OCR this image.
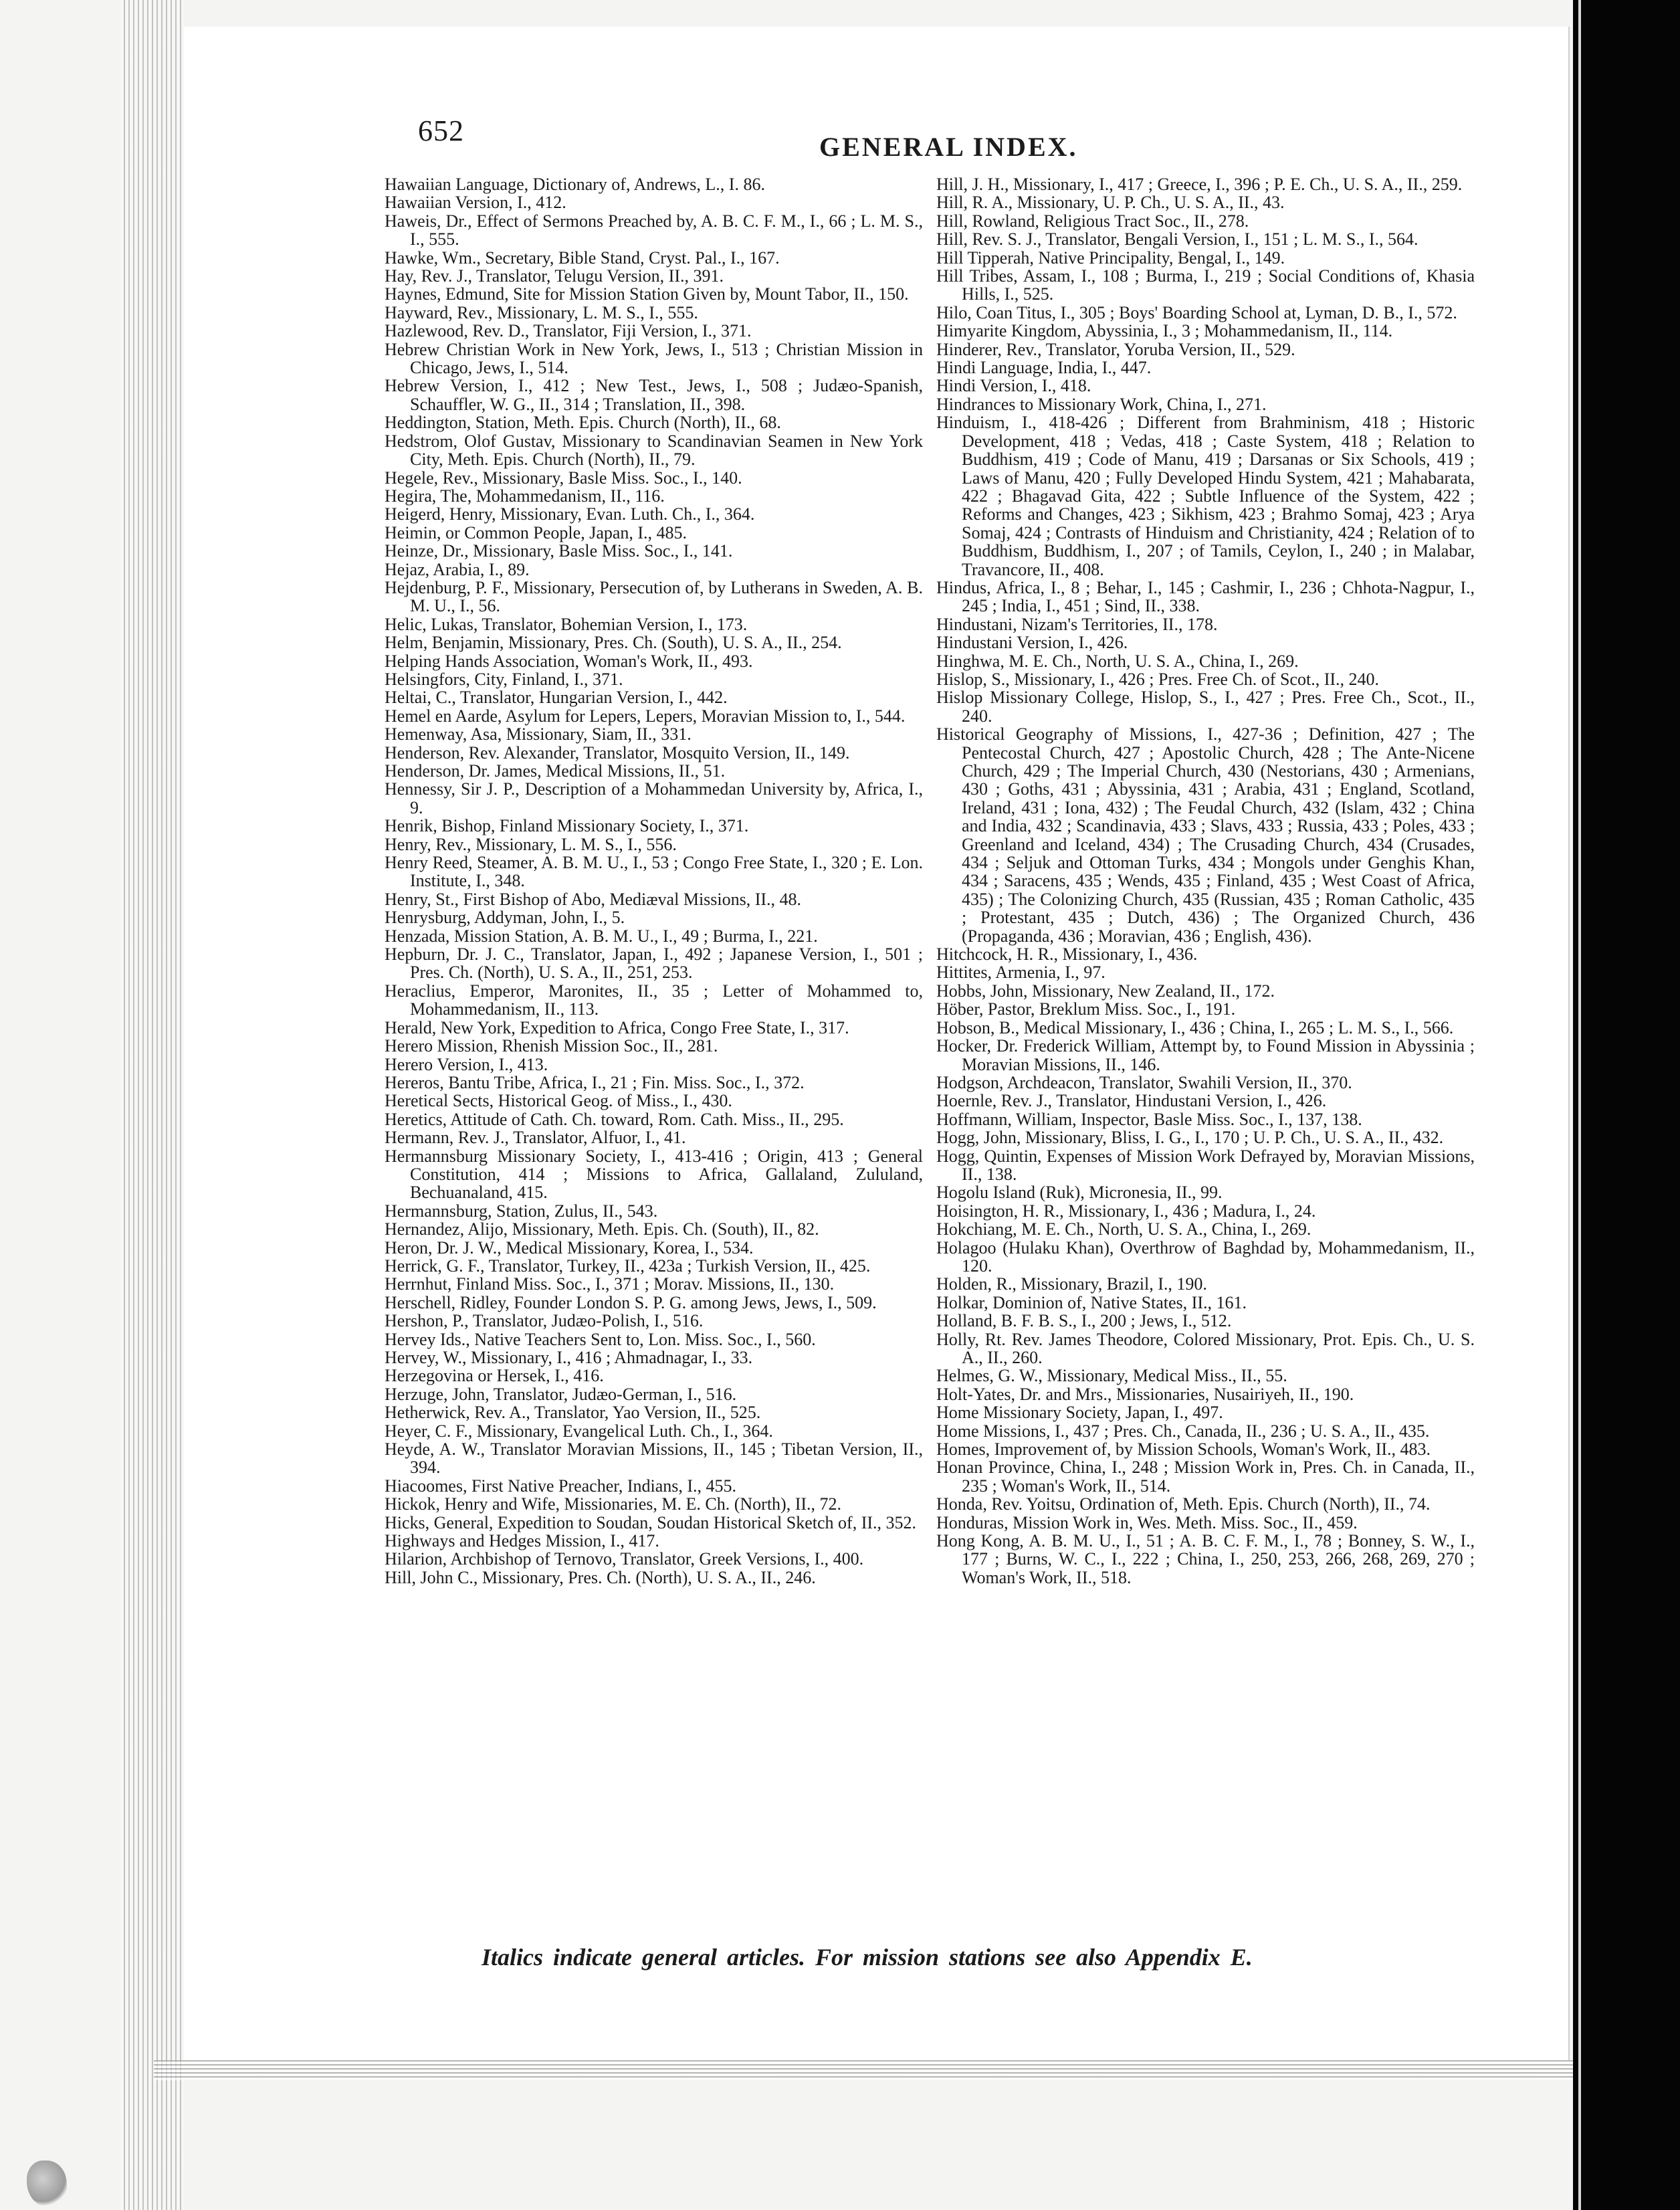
652	GENERAL INDEX.

Hawaiian Language, Dictionary of, Andrews, L., I. 86.

Hawaiian Version, I., 412.

Haweis, Dr., Effect of Sermons Preached by, A. B. C. F. M., I., 66 ; L. M. S., I., 555.

Hawke, Wm., Secretary, Bible Stand, Cryst. Pal., I., 167.

Hay, Rev. J., Translator, Telugu Version, II., 391.

Haynes, Edmund, Site for Mission Station Given by, Mount Tabor, II., 150.

Hayward, Rev., Missionary, L. M. S., I., 555.

Hazlewood, Rev. D., Translator, Fiji Version, I., 371.

Hebrew Christian Work in New York, Jews, I., 513 ; Christian Mission in Chicago, Jews, I., 514.

Hebrew Version, I., 412 ; New Test., Jews, I., 508 ; Judæo-Spanish, Schauffler, W. G., II., 314 ; Translation, II., 398.

Heddington, Station, Meth. Epis. Church (North), II., 68.

Hedstrom, Olof Gustav, Missionary to Scandinavian Seamen in New York City, Meth. Epis. Church (North), II., 79.

Hegele, Rev., Missionary, Basle Miss. Soc., I., 140.

Hegira, The, Mohammedanism, II., 116.

Heigerd, Henry, Missionary, Evan. Luth. Ch., I., 364.

Heimin, or Common People, Japan, I., 485.

Heinze, Dr., Missionary, Basle Miss. Soc., I., 141.

Hejaz, Arabia, I., 89.

Hejdenburg, P. F., Missionary, Persecution of, by Lutherans in Sweden, A. B. M. U., I., 56.

Helic, Lukas, Translator, Bohemian Version, I., 173.

Helm, Benjamin, Missionary, Pres. Ch. (South), U. S. A., II., 254.

Helping Hands Association, Woman's Work, II., 493.

Helsingfors, City, Finland, I., 371.

Heltai, C., Translator, Hungarian Version, I., 442.

Hemel en Aarde, Asylum for Lepers, Lepers, Moravian Mission to, I., 544.

Hemenway, Asa, Missionary, Siam, II., 331.

Henderson, Rev. Alexander, Translator, Mosquito Version, II., 149.

Henderson, Dr. James, Medical Missions, II., 51.

Hennessy, Sir J. P., Description of a Mohammedan University by, Africa, I., 9.

Henrik, Bishop, Finland Missionary Society, I., 371.

Henry, Rev., Missionary, L. M. S., I., 556.

Henry Reed, Steamer, A. B. M. U., I., 53 ; Congo Free State, I., 320 ; E. Lon. Institute, I., 348.

Henry, St., First Bishop of Abo, Mediæval Missions, II., 48.

Henrysburg, Addyman, John, I., 5.

Henzada, Mission Station, A. B. M. U., I., 49 ; Burma, I., 221.

Hepburn, Dr. J. C., Translator, Japan, I., 492 ; Japanese Version, I., 501 ; Pres. Ch. (North), U. S. A., II., 251, 253.

Heraclius, Emperor, Maronites, II., 35 ; Letter of Mohammed to, Mohammedanism, II., 113.

Herald, New York, Expedition to Africa, Congo Free State, I., 317.

Herero Mission, Rhenish Mission Soc., II., 281.

Herero Version, I., 413.

Hereros, Bantu Tribe, Africa, I., 21 ; Fin. Miss. Soc., I., 372.

Heretical Sects, Historical Geog. of Miss., I., 430.

Heretics, Attitude of Cath. Ch. toward, Rom. Cath. Miss., II., 295.

Hermann, Rev. J., Translator, Alfuor, I., 41.

Hermannsburg Missionary Society, I., 413-416 ; Origin, 413 ; General Constitution, 414 ; Missions to Africa, Gallaland, Zululand, Bechuanaland, 415.

Hermannsburg, Station, Zulus, II., 543.

Hernandez, Alijo, Missionary, Meth. Epis. Ch. (South), II., 82.

Heron, Dr. J. W., Medical Missionary, Korea, I., 534.

Herrick, G. F., Translator, Turkey, II., 423a ; Turkish Version, II., 425.

Herrnhut, Finland Miss. Soc., I., 371 ; Morav. Missions, II., 130.

Herschell, Ridley, Founder London S. P. G. among Jews, Jews, I., 509.

Hershon, P., Translator, Judæo-Polish, I., 516.

Hervey Ids., Native Teachers Sent to, Lon. Miss. Soc., I., 560.

Hervey, W., Missionary, I., 416 ; Ahmadnagar, I., 33.

Herzegovina or Hersek, I., 416.

Herzuge, John, Translator, Judæo-German, I., 516.

Hetherwick, Rev. A., Translator, Yao Version, II., 525.

Heyer, C. F., Missionary, Evangelical Luth. Ch., I., 364.

Heyde, A. W., Translator Moravian Missions, II., 145 ; Tibetan Version, II., 394.

Hiacoomes, First Native Preacher, Indians, I., 455.

Hickok, Henry and Wife, Missionaries, M. E. Ch. (North), II., 72.

Hicks, General, Expedition to Soudan, Soudan Historical Sketch of, II., 352.

Highways and Hedges Mission, I., 417.

Hilarion, Archbishop of Ternovo, Translator, Greek Versions, I., 400.

Hill, John C., Missionary, Pres. Ch. (North), U. S. A., II., 246.

Hill, J. H., Missionary, I., 417 ; Greece, I., 396 ; P. E. Ch., U. S. A., II., 259.

Hill, R. A., Missionary, U. P. Ch., U. S. A., II., 43.

Hill, Rowland, Religious Tract Soc., II., 278.

Hill, Rev. S. J., Translator, Bengali Version, I., 151 ; L. M. S., I., 564.

Hill Tipperah, Native Principality, Bengal, I., 149.

Hill Tribes, Assam, I., 108 ; Burma, I., 219 ; Social Conditions of, Khasia Hills, I., 525.

Hilo, Coan Titus, I., 305 ; Boys' Boarding School at, Lyman, D. B., I., 572.

Himyarite Kingdom, Abyssinia, I., 3 ; Mohammedanism, II., 114.

Hinderer, Rev., Translator, Yoruba Version, II., 529.

Hindi Language, India, I., 447.

Hindi Version, I., 418.

Hindrances to Missionary Work, China, I., 271.

Hinduism, I., 418-426 ; Different from Brahminism, 418 ; Historic Development, 418 ; Vedas, 418 ; Caste System, 418 ; Relation to Buddhism, 419 ; Code of Manu, 419 ; Darsanas or Six Schools, 419 ; Laws of Manu, 420 ; Fully Developed Hindu System, 421 ; Mahabarata, 422 ; Bhagavad Gita, 422 ; Subtle Influence of the System, 422 ; Reforms and Changes, 423 ; Sikhism, 423 ; Brahmo Somaj, 423 ; Arya Somaj, 424 ; Contrasts of Hinduism and Christianity, 424 ; Relation of to Buddhism, Buddhism, I., 207 ; of Tamils, Ceylon, I., 240 ; in Malabar, Travancore, II., 408.

Hindus, Africa, I., 8 ; Behar, I., 145 ; Cashmir, I., 236 ; Chhota-Nagpur, I., 245 ; India, I., 451 ; Sind, II., 338.

Hindustani, Nizam's Territories, II., 178.

Hindustani Version, I., 426.

Hinghwa, M. E. Ch., North, U. S. A., China, I., 269.

Hislop, S., Missionary, I., 426 ; Pres. Free Ch. of Scot., II., 240.

Hislop Missionary College, Hislop, S., I., 427 ; Pres. Free Ch., Scot., II., 240.

Historical Geography of Missions, I., 427-36 ; Definition, 427 ; The Pentecostal Church, 427 ; Apostolic Church, 428 ; The Ante-Nicene Church, 429 ; The Imperial Church, 430 (Nestorians, 430 ; Armenians, 430 ; Goths, 431 ; Abyssinia, 431 ; Arabia, 431 ; England, Scotland, Ireland, 431 ; Iona, 432) ; The Feudal Church, 432 (Islam, 432 ; China and India, 432 ; Scandinavia, 433 ; Slavs, 433 ; Russia, 433 ; Poles, 433 ; Greenland and Iceland, 434) ; The Crusading Church, 434 (Crusades, 434 ; Seljuk and Ottoman Turks, 434 ; Mongols under Genghis Khan, 434 ; Saracens, 435 ; Wends, 435 ; Finland, 435 ; West Coast of Africa, 435) ; The Colonizing Church, 435 (Russian, 435 ; Roman Catholic, 435 ; Protestant, 435 ; Dutch, 436) ; The Organized Church, 436 (Propaganda, 436 ; Moravian, 436 ; English, 436).

Hitchcock, H. R., Missionary, I., 436.

Hittites, Armenia, I., 97.

Hobbs, John, Missionary, New Zealand, II., 172.

Höber, Pastor, Breklum Miss. Soc., I., 191.

Hobson, B., Medical Missionary, I., 436 ; China, I., 265 ; L. M. S., I., 566.

Hocker, Dr. Frederick William, Attempt by, to Found Mission in Abyssinia ; Moravian Missions, II., 146.

Hodgson, Archdeacon, Translator, Swahili Version, II., 370.

Hoernle, Rev. J., Translator, Hindustani Version, I., 426.

Hoffmann, William, Inspector, Basle Miss. Soc., I., 137, 138.

Hogg, John, Missionary, Bliss, I. G., I., 170 ; U. P. Ch., U. S. A., II., 432.

Hogg, Quintin, Expenses of Mission Work Defrayed by, Moravian Missions, II., 138.

Hogolu Island (Ruk), Micronesia, II., 99.

Hoisington, H. R., Missionary, I., 436 ; Madura, I., 24.

Hokchiang, M. E. Ch., North, U. S. A., China, I., 269.

Holagoo (Hulaku Khan), Overthrow of Baghdad by, Mohammedanism, II., 120.

Holden, R., Missionary, Brazil, I., 190.

Holkar, Dominion of, Native States, II., 161.

Holland, B. F. B. S., I., 200 ; Jews, I., 512.

Holly, Rt. Rev. James Theodore, Colored Missionary, Prot. Epis. Ch., U. S. A., II., 260.

Helmes, G. W., Missionary, Medical Miss., II., 55.

Holt-Yates, Dr. and Mrs., Missionaries, Nusairiyeh, II., 190.

Home Missionary Society, Japan, I., 497.

Home Missions, I., 437 ; Pres. Ch., Canada, II., 236 ; U. S. A., II., 435.

Homes, Improvement of, by Mission Schools, Woman's Work, II., 483.

Honan Province, China, I., 248 ; Mission Work in, Pres. Ch. in Canada, II., 235 ; Woman's Work, II., 514.

Honda, Rev. Yoitsu, Ordination of, Meth. Epis. Church (North), II., 74.

Honduras, Mission Work in, Wes. Meth. Miss. Soc., II., 459.

Hong Kong, A. B. M. U., I., 51 ; A. B. C. F. M., I., 78 ; Bonney, S. W., I., 177 ; Burns, W. C., I., 222 ; China, I., 250, 253, 266, 268, 269, 270 ; Woman's Work, II., 518.

Italics indicate general articles. For mission stations see also Appendix E.
